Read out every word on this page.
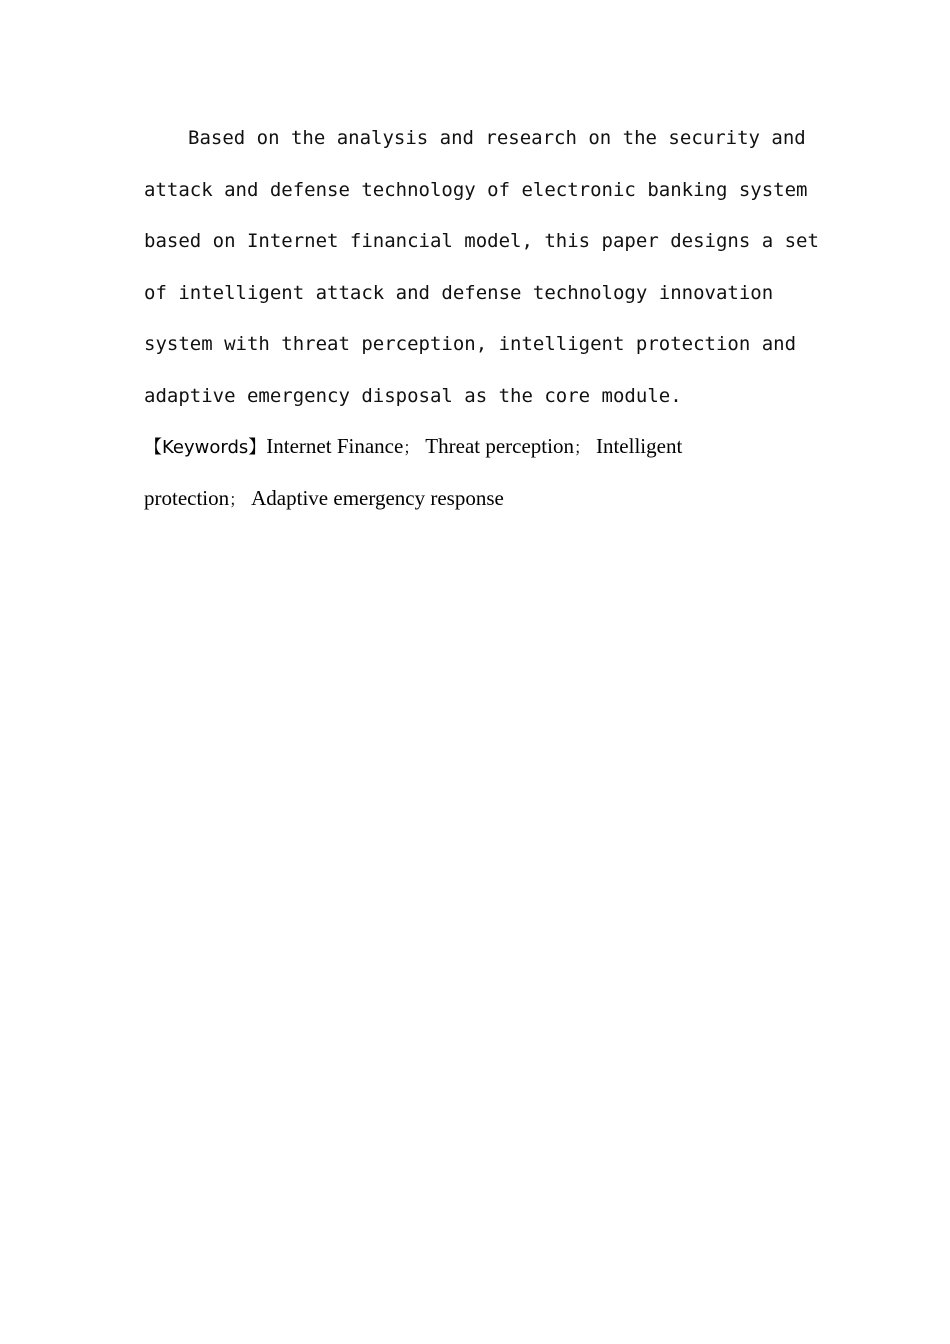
Based on the analysis and research on the security and
attack and defense technology of electronic banking system
based on Internet financial model, this paper designs a set
of intelligent attack and defense technology innovation
system with threat perception, intelligent protection and
adaptive emergency disposal as the core module.
【Keywords】Internet Finance； Threat perception； Intelligent
protection； Adaptive emergency response
